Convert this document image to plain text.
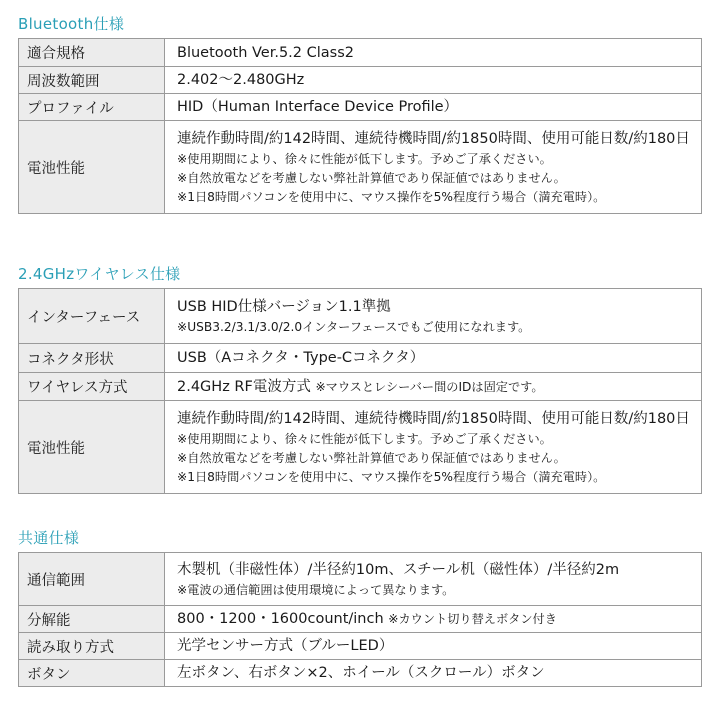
Bluetooth仕様
適合規格	Bluetooth Ver.5.2 Class2

周波数範囲	2.402〜2.480GHz

プロファイル	HID（Human Interface Device Profile）

電池性能	連続作動時間/約142時間、連続待機時間/約1850時間、使用可能日数/約180日
※使用期間により、徐々に性能が低下します。予めご了承ください。
※自然放電などを考慮しない弊社計算値であり保証値ではありません。
※1日8時間パソコンを使用中に、マウス操作を5%程度行う場合（満充電時）。
2.4GHzワイヤレス仕様
インターフェース	USB HID仕様バージョン1.1準拠
※USB3.2/3.1/3.0/2.0インターフェースでもご使用になれます。

コネクタ形状	USB（Aコネクタ・Type-Cコネクタ）

ワイヤレス方式	2.4GHz RF電波方式 ※マウスとレシーバー間のIDは固定です。

電池性能	連続作動時間/約142時間、連続待機時間/約1850時間、使用可能日数/約180日
※使用期間により、徐々に性能が低下します。予めご了承ください。
※自然放電などを考慮しない弊社計算値であり保証値ではありません。
※1日8時間パソコンを使用中に、マウス操作を5%程度行う場合（満充電時）。
共通仕様
通信範囲	木製机（非磁性体）/半径約10m、スチール机（磁性体）/半径約2m
※電波の通信範囲は使用環境によって異なります。

分解能	800・1200・1600count/inch ※カウント切り替えボタン付き

読み取り方式	光学センサー方式（ブルーLED）

ボタン	左ボタン、右ボタン×2、ホイール（スクロール）ボタン
